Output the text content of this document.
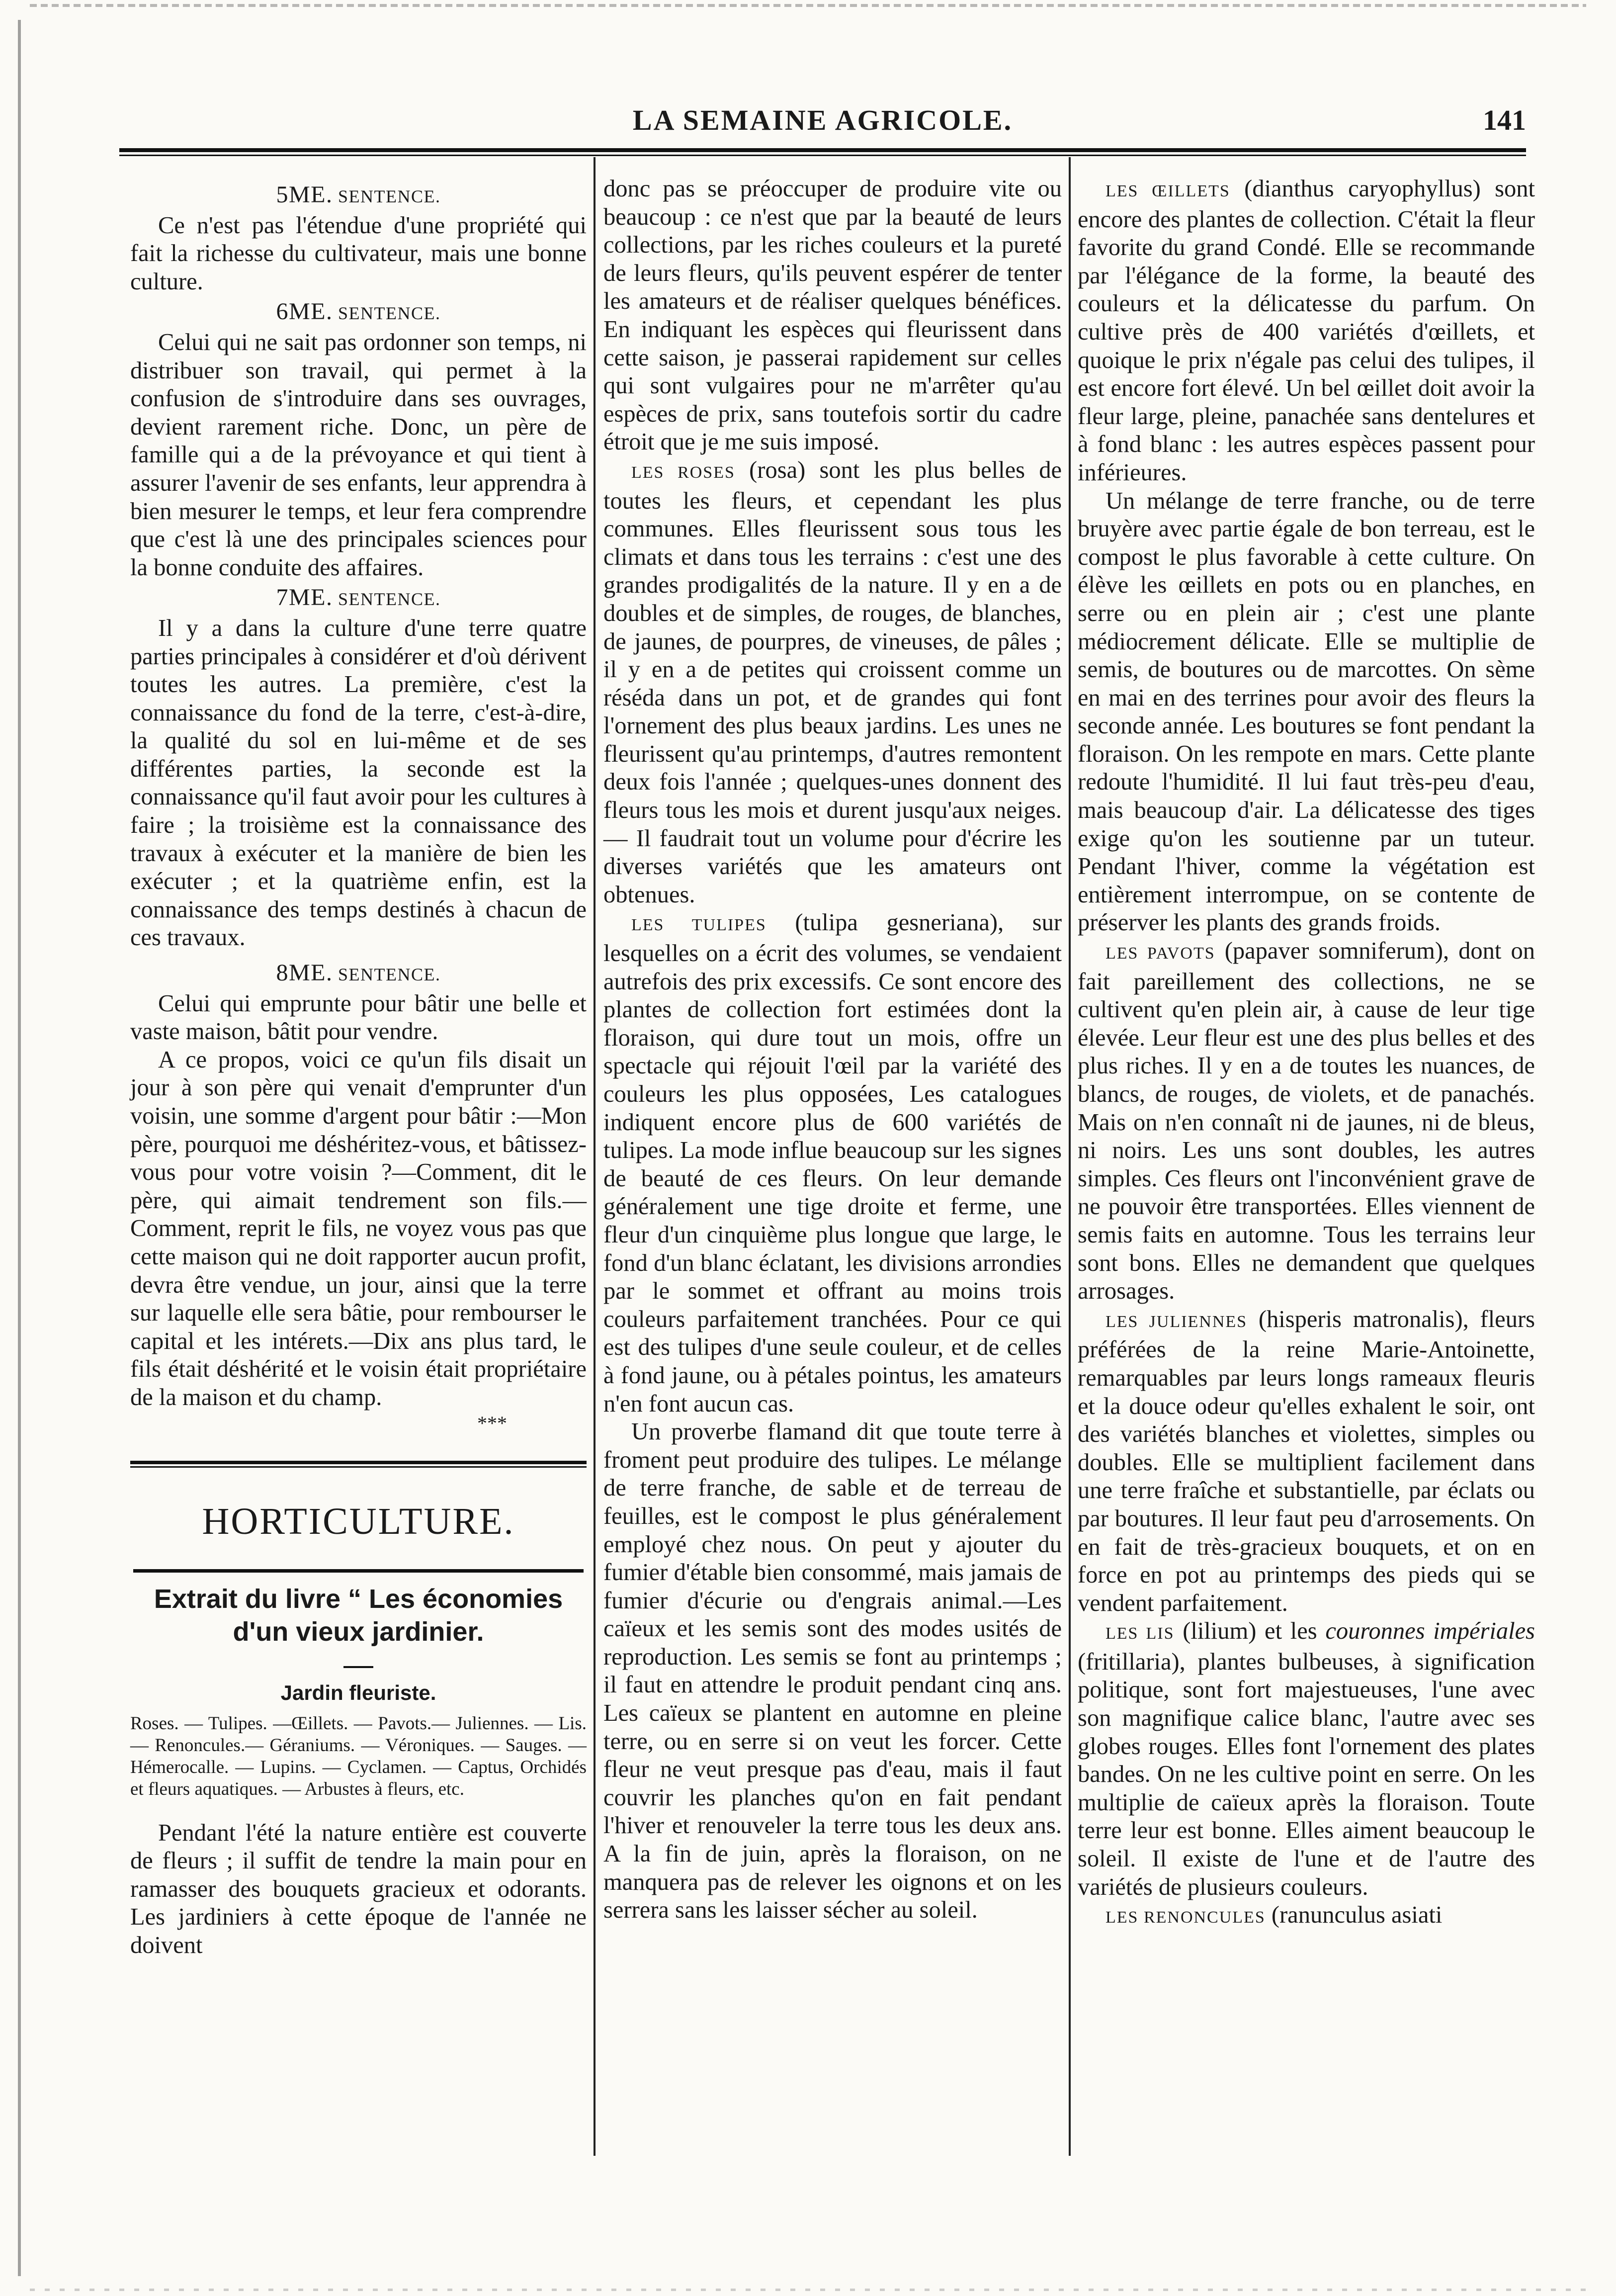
LA SEMAINE AGRICOLE.	141
5ME. SENTENCE.

Ce n'est pas l'étendue d'une propriété qui fait la richesse du cultivateur, mais une bonne culture.

6ME. SENTENCE.

Celui qui ne sait pas ordonner son temps, ni distribuer son travail, qui permet à la confusion de s'introduire dans ses ouvrages, devient rarement riche. Donc, un père de famille qui a de la prévoyance et qui tient à assurer l'avenir de ses enfants, leur apprendra à bien mesurer le temps, et leur fera comprendre que c'est là une des principales sciences pour la bonne conduite des affaires.

7ME. SENTENCE.

Il y a dans la culture d'une terre quatre parties principales à considérer et d'où dérivent toutes les autres. La première, c'est la connaissance du fond de la terre, c'est-à-dire, la qualité du sol en lui-même et de ses différentes parties, la seconde est la connaissance qu'il faut avoir pour les cultures à faire ; la troisième est la connaissance des travaux à exécuter et la manière de bien les exécuter ; et la quatrième enfin, est la connaissance des temps destinés à chacun de ces travaux.

8ME. SENTENCE.

Celui qui emprunte pour bâtir une belle et vaste maison, bâtit pour vendre.

A ce propos, voici ce qu'un fils disait un jour à son père qui venait d'emprunter d'un voisin, une somme d'argent pour bâtir :—Mon père, pourquoi me déshéritez-vous, et bâtissez-vous pour votre voisin ?—Comment, dit le père, qui aimait tendrement son fils.—Comment, reprit le fils, ne voyez vous pas que cette maison qui ne doit rapporter aucun profit, devra être vendue, un jour, ainsi que la terre sur laquelle elle sera bâtie, pour rembourser le capital et les intérets.—Dix ans plus tard, le fils était déshérité et le voisin était propriétaire de la maison et du champ.

***
HORTICULTURE.
Extrait du livre “ Les économies d'un vieux jardinier.
Jardin fleuriste.
Roses. — Tulipes. —Œillets. — Pavots.— Juliennes. — Lis.— Renoncules.— Géraniums. — Véroniques. — Sauges. — Hémerocalle. — Lupins. — Cyclamen. — Captus, Orchidés et fleurs aquatiques. — Arbustes à fleurs, etc.

Pendant l'été la nature entière est couverte de fleurs ; il suffit de tendre la main pour en ramasser des bouquets gracieux et odorants. Les jardiniers à cette époque de l'année ne doivent

donc pas se préoccuper de produire vite ou beaucoup : ce n'est que par la beauté de leurs collections, par les riches couleurs et la pureté de leurs fleurs, qu'ils peuvent espérer de tenter les amateurs et de réaliser quelques bénéfices. En indiquant les espèces qui fleurissent dans cette saison, je passerai rapidement sur celles qui sont vulgaires pour ne m'arrêter qu'au espèces de prix, sans toutefois sortir du cadre étroit que je me suis imposé.

LES ROSES (rosa) sont les plus belles de toutes les fleurs, et cependant les plus communes. Elles fleurissent sous tous les climats et dans tous les terrains : c'est une des grandes prodigalités de la nature. Il y en a de doubles et de simples, de rouges, de blanches, de jaunes, de pourpres, de vineuses, de pâles ; il y en a de petites qui croissent comme un réséda dans un pot, et de grandes qui font l'ornement des plus beaux jardins. Les unes ne fleurissent qu'au printemps, d'autres remontent deux fois l'année ; quelques-unes donnent des fleurs tous les mois et durent jusqu'aux neiges.— Il faudrait tout un volume pour d'écrire les diverses variétés que les amateurs ont obtenues.

LES TULIPES (tulipa gesneriana), sur lesquelles on a écrit des volumes, se vendaient autrefois des prix excessifs. Ce sont encore des plantes de collection fort estimées dont la floraison, qui dure tout un mois, offre un spectacle qui réjouit l'œil par la variété des couleurs les plus opposées, Les catalogues indiquent encore plus de 600 variétés de tulipes. La mode influe beaucoup sur les signes de beauté de ces fleurs. On leur demande généralement une tige droite et ferme, une fleur d'un cinquième plus longue que large, le fond d'un blanc éclatant, les divisions arrondies par le sommet et offrant au moins trois couleurs parfaitement tranchées. Pour ce qui est des tulipes d'une seule couleur, et de celles à fond jaune, ou à pétales pointus, les amateurs n'en font aucun cas.

Un proverbe flamand dit que toute terre à froment peut produire des tulipes. Le mélange de terre franche, de sable et de terreau de feuilles, est le compost le plus généralement employé chez nous. On peut y ajouter du fumier d'étable bien consommé, mais jamais de fumier d'écurie ou d'engrais animal.—Les caïeux et les semis sont des modes usités de reproduction. Les semis se font au printemps ; il faut en attendre le produit pendant cinq ans. Les caïeux se plantent en automne en pleine terre, ou en serre si on veut les forcer. Cette fleur ne veut presque pas d'eau, mais il faut couvrir les planches qu'on en fait pendant l'hiver et renouveler la terre tous les deux ans. A la fin de juin, après la floraison, on ne manquera pas de relever les oignons et on les serrera sans les laisser sécher au soleil.

LES ŒILLETS (dianthus caryophyllus) sont encore des plantes de collection. C'était la fleur favorite du grand Condé. Elle se recommande par l'élégance de la forme, la beauté des couleurs et la délicatesse du parfum. On cultive près de 400 variétés d'œillets, et quoique le prix n'égale pas celui des tulipes, il est encore fort élevé. Un bel œillet doit avoir la fleur large, pleine, panachée sans dentelures et à fond blanc : les autres espèces passent pour inférieures.

Un mélange de terre franche, ou de terre bruyère avec partie égale de bon terreau, est le compost le plus favorable à cette culture. On élève les œillets en pots ou en planches, en serre ou en plein air ; c'est une plante médiocrement délicate. Elle se multiplie de semis, de boutures ou de marcottes. On sème en mai en des terrines pour avoir des fleurs la seconde année. Les boutures se font pendant la floraison. On les rempote en mars. Cette plante redoute l'humidité. Il lui faut très-peu d'eau, mais beaucoup d'air. La délicatesse des tiges exige qu'on les soutienne par un tuteur. Pendant l'hiver, comme la végétation est entièrement interrompue, on se contente de préserver les plants des grands froids.

LES PAVOTS (papaver somniferum), dont on fait pareillement des collections, ne se cultivent qu'en plein air, à cause de leur tige élevée. Leur fleur est une des plus belles et des plus riches. Il y en a de toutes les nuances, de blancs, de rouges, de violets, et de panachés. Mais on n'en connaît ni de jaunes, ni de bleus, ni noirs. Les uns sont doubles, les autres simples. Ces fleurs ont l'inconvénient grave de ne pouvoir être transportées. Elles viennent de semis faits en automne. Tous les terrains leur sont bons. Elles ne demandent que quelques arrosages.

LES JULIENNES (hisperis matronalis), fleurs préférées de la reine Marie-Antoinette, remarquables par leurs longs rameaux fleuris et la douce odeur qu'elles exhalent le soir, ont des variétés blanches et violettes, simples ou doubles. Elle se multiplient facilement dans une terre fraîche et substantielle, par éclats ou par boutures. Il leur faut peu d'arrosements. On en fait de très-gracieux bouquets, et on en force en pot au printemps des pieds qui se vendent parfaitement.

LES LIS (lilium) et les couronnes impériales (fritillaria), plantes bulbeuses, à signification politique, sont fort majestueuses, l'une avec son magnifique calice blanc, l'autre avec ses globes rouges. Elles font l'ornement des plates bandes. On ne les cultive point en serre. On les multiplie de caïeux après la floraison. Toute terre leur est bonne. Elles aiment beaucoup le soleil. Il existe de l'une et de l'autre des variétés de plusieurs couleurs.

LES RENONCULES (ranunculus asiati
